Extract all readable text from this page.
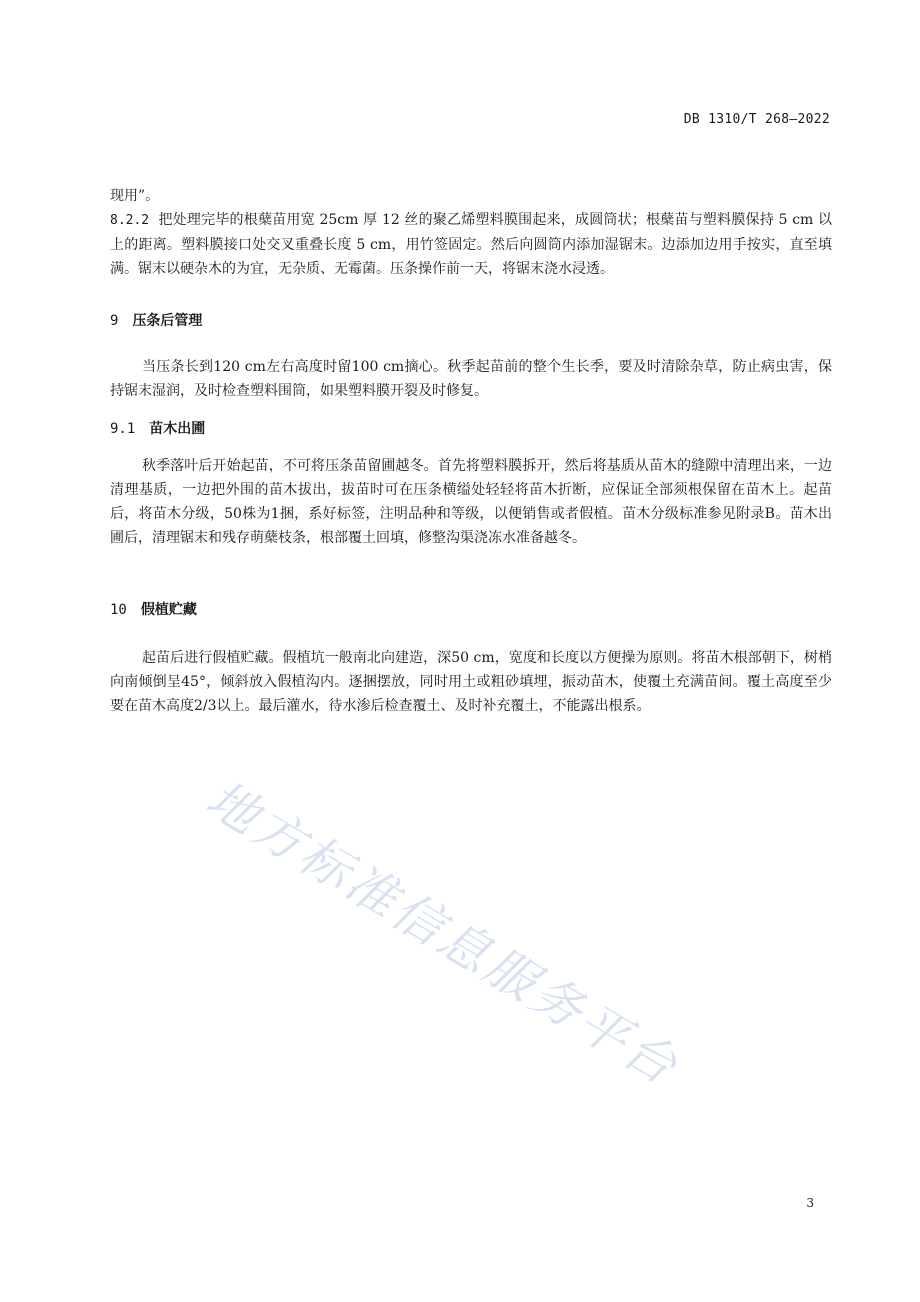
DB 1310/T 268—2022
现用”。
8.2.2 把处理完毕的根蘖苗用宽 25cm 厚 12 丝的聚乙烯塑料膜围起来，成圆筒状；根蘖苗与塑料膜保持 5 cm 以上的距离。塑料膜接口处交叉重叠长度 5 cm，用竹签固定。然后向圆筒内添加湿锯末。边添加边用手按实，直至填满。锯末以硬杂木的为宜，无杂质、无霉菌。压条操作前一天，将锯末浇水浸透。
9 压条后管理
当压条长到120 cm左右高度时留100 cm摘心。秋季起苗前的整个生长季，要及时清除杂草，防止病虫害，保持锯末湿润，及时检查塑料围筒，如果塑料膜开裂及时修复。
9.1 苗木出圃
秋季落叶后开始起苗，不可将压条苗留圃越冬。首先将塑料膜拆开，然后将基质从苗木的缝隙中清理出来，一边清理基质，一边把外围的苗木拔出，拔苗时可在压条横缢处轻轻将苗木折断，应保证全部须根保留在苗木上。起苗后，将苗木分级，50株为1捆，系好标签，注明品种和等级，以便销售或者假植。苗木分级标准参见附录B。苗木出圃后，清理锯末和残存萌蘖枝条，根部覆土回填，修整沟渠浇冻水准备越冬。
10 假植贮藏
起苗后进行假植贮藏。假植坑一般南北向建造，深50 cm，宽度和长度以方便操为原则。将苗木根部朝下，树梢向南倾倒呈45°，倾斜放入假植沟内。逐捆摆放，同时用土或粗砂填埋，振动苗木，使覆土充满苗间。覆土高度至少要在苗木高度2/3以上。最后灌水，待水渗后检查覆土、及时补充覆土，不能露出根系。
地方标准信息服务平台
3
